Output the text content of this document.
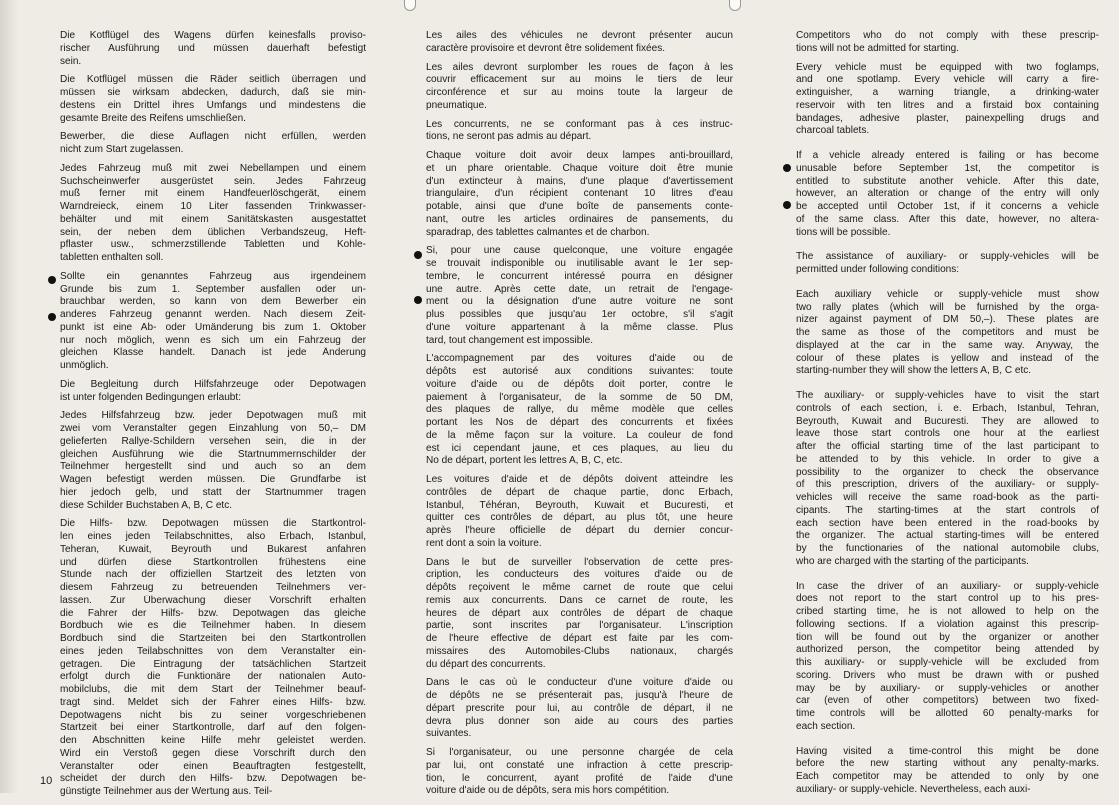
Die Kotflügel des Wagens dürfen keinesfalls proviso-
rischer Ausführung und müssen dauerhaft befestigt
sein.

Die Kotflügel müssen die Räder seitlich überragen und
müssen sie wirksam abdecken, dadurch, daß sie min-
destens ein Drittel ihres Umfangs und mindestens die
gesamte Breite des Reifens umschließen.

Bewerber, die diese Auflagen nicht erfüllen, werden
nicht zum Start zugelassen.

Jedes Fahrzeug muß mit zwei Nebellampen und einem
Suchscheinwerfer ausgerüstet sein. Jedes Fahrzeug
muß ferner mit einem Handfeuerlöschgerät, einem
Warndreieck, einem 10 Liter fassenden Trinkwasser-
behälter und mit einem Sanitätskasten ausgestattet
sein, der neben dem üblichen Verbandszeug, Heft-
pflaster usw., schmerzstillende Tabletten und Kohle-
tabletten enthalten soll.

Sollte ein genanntes Fahrzeug aus irgendeinem
Grunde bis zum 1. September ausfallen oder un-
brauchbar werden, so kann von dem Bewerber ein
anderes Fahrzeug genannt werden. Nach diesem Zeit-
punkt ist eine Ab- oder Umänderung bis zum 1. Oktober
nur noch möglich, wenn es sich um ein Fahrzeug der
gleichen Klasse handelt. Danach ist jede Änderung
unmöglich.

Die Begleitung durch Hilfsfahrzeuge oder Depotwagen
ist unter folgenden Bedingungen erlaubt:

Jedes Hilfsfahrzeug bzw. jeder Depotwagen muß mit
zwei vom Veranstalter gegen Einzahlung von 50,– DM
gelieferten Rallye-Schildern versehen sein, die in der
gleichen Ausführung wie die Startnummernschilder der
Teilnehmer hergestellt sind und auch so an dem
Wagen befestigt werden müssen. Die Grundfarbe ist
hier jedoch gelb, und statt der Startnummer tragen
diese Schilder Buchstaben A, B, C etc.

Die Hilfs- bzw. Depotwagen müssen die Startkontrol-
len eines jeden Teilabschnittes, also Erbach, Istanbul,
Teheran, Kuwait, Beyrouth und Bukarest anfahren
und dürfen diese Startkontrollen frühestens eine
Stunde nach der offiziellen Startzeit des letzten von
diesem Fahrzeug zu betreuenden Teilnehmers ver-
lassen. Zur Überwachung dieser Vorschrift erhalten
die Fahrer der Hilfs- bzw. Depotwagen das gleiche
Bordbuch wie es die Teilnehmer haben. In diesem
Bordbuch sind die Startzeiten bei den Startkontrollen
eines jeden Teilabschnittes von dem Veranstalter ein-
getragen. Die Eintragung der tatsächlichen Startzeit
erfolgt durch die Funktionäre der nationalen Auto-
mobilclubs, die mit dem Start der Teilnehmer beauf-
tragt sind. Meldet sich der Fahrer eines Hilfs- bzw.
Depotwagens nicht bis zu seiner vorgeschriebenen
Startzeit bei einer Startkontrolle, darf auf den folgen-
den Abschnitten keine Hilfe mehr geleistet werden.
Wird ein Verstoß gegen diese Vorschrift durch den
Veranstalter oder einen Beauftragten festgestellt,
scheidet der durch den Hilfs- bzw. Depotwagen be-
günstigte Teilnehmer aus der Wertung aus. Teil-

Les ailes des véhicules ne devront présenter aucun
caractère provisoire et devront être solidement fixées.

Les ailes devront surplomber les roues de façon à les
couvrir efficacement sur au moins le tiers de leur
circonférence et sur au moins toute la largeur de
pneumatique.

Les concurrents, ne se conformant pas à ces instruc-
tions, ne seront pas admis au départ.

Chaque voiture doit avoir deux lampes anti-brouillard,
et un phare orientable. Chaque voiture doit être munie
d'un extincteur à mains, d'une plaque d'avertissement
triangulaire, d'un récipient contenant 10 litres d'eau
potable, ainsi que d'une boîte de pansements conte-
nant, outre les articles ordinaires de pansements, du
sparadrap, des tablettes calmantes et de charbon.

Si, pour une cause quelconque, une voiture engagée
se trouvait indisponible ou inutilisable avant le 1er sep-
tembre, le concurrent intéressé pourra en désigner
une autre. Après cette date, un retrait de l'engage-
ment ou la désignation d'une autre voiture ne sont
plus possibles que jusqu'au 1er octobre, s'il s'agit
d'une voiture appartenant à la même classe. Plus
tard, tout changement est impossible.

L'accompagnement par des voitures d'aide ou de
dépôts est autorisé aux conditions suivantes: toute
voiture d'aide ou de dépôts doit porter, contre le
paiement à l'organisateur, de la somme de 50 DM,
des plaques de rallye, du même modèle que celles
portant les Nos de départ des concurrents et fixées
de la même façon sur la voiture. La couleur de fond
est ici cependant jaune, et ces plaques, au lieu du
No de départ, portent les lettres A, B, C, etc.

Les voitures d'aide et de dépôts doivent atteindre les
contrôles de départ de chaque partie, donc Erbach,
Istanbul, Téhéran, Beyrouth, Kuwait et Bucuresti, et
quitter ces contrôles de départ, au plus tôt, une heure
après l'heure officielle de départ du dernier concur-
rent dont a soin la voiture.

Dans le but de surveiller l'observation de cette pres-
cription, les conducteurs des voitures d'aide ou de
dépôts reçoivent le même carnet de route que celui
remis aux concurrents. Dans ce carnet de route, les
heures de départ aux contrôles de départ de chaque
partie, sont inscrites par l'organisateur. L'inscription
de l'heure effective de départ est faite par les com-
missaires des Automobiles-Clubs nationaux, chargés
du départ des concurrents.

Dans le cas où le conducteur d'une voiture d'aide ou
de dépôts ne se présenterait pas, jusqu'à l'heure de
départ prescrite pour lui, au contrôle de départ, il ne
devra plus donner son aide au cours des parties
suivantes.

Si l'organisateur, ou une personne chargée de cela
par lui, ont constaté une infraction à cette prescrip-
tion, le concurrent, ayant profité de l'aide d'une
voiture d'aide ou de dépôts, sera mis hors compétition.

Competitors who do not comply with these prescrip-
tions will not be admitted for starting.

Every vehicle must be equipped with two foglamps,
and one spotlamp. Every vehicle will carry a fire-
extinguisher, a warning triangle, a drinking-water
reservoir with ten litres and a firstaid box containing
bandages, adhesive plaster, painexpelling drugs and
charcoal tablets.

If a vehicle already entered is failing or has become
unusable before September 1st, the competitor is
entitled to substitute another vehicle. After this date,
however, an alteration or change of the entry will only
be accepted until October 1st, if it concerns a vehicle
of the same class. After this date, however, no altera-
tions will be possible.

The assistance of auxiliary- or supply-vehicles will be
permitted under following conditions:

Each auxiliary vehicle or supply-vehicle must show
two rally plates (which will be furnished by the orga-
nizer against payment of DM 50,–). These plates are
the same as those of the competitors and must be
displayed at the car in the same way. Anyway, the
colour of these plates is yellow and instead of the
starting-number they will show the letters A, B, C etc.

The auxiliary- or supply-vehicles have to visit the start
controls of each section, i. e. Erbach, Istanbul, Tehran,
Beyrouth, Kuwait and Bucuresti. They are allowed to
leave those start controls one hour at the earliest
after the official starting time of the last participant to
be attended to by this vehicle. In order to give a
possibility to the organizer to check the observance
of this prescription, drivers of the auxiliary- or supply-
vehicles will receive the same road-book as the parti-
cipants. The starting-times at the start controls of
each section have been entered in the road-books by
the organizer. The actual starting-times will be entered
by the functionaries of the national automobile clubs,
who are charged with the starting of the participants.

In case the driver of an auxiliary- or supply-vehicle
does not report to the start control up to his pres-
cribed starting time, he is not allowed to help on the
following sections. If a violation against this prescrip-
tion will be found out by the organizer or another
authorized person, the competitor being attended by
this auxiliary- or supply-vehicle will be excluded from
scoring. Drivers who must be drawn with or pushed
may be by auxiliary- or supply-vehicles or another
car (even of other competitors) between two fixed-
time controls will be allotted 60 penalty-marks for
each section.

Having visited a time-control this might be done
before the new starting without any penalty-marks.
Each competitor may be attended to only by one
auxiliary- or supply-vehicle. Nevertheless, each auxi-

10
